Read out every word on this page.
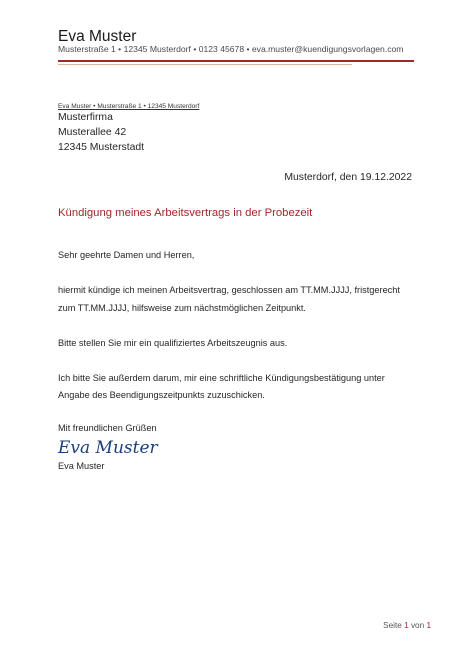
Eva Muster
Musterstraße 1 • 12345 Musterdorf • 0123 45678 • eva.muster@kuendigungsvorlagen.com
Eva Muster • Musterstraße 1 • 12345 Musterdorf
Musterfirma
Musterallee 42
12345 Musterstadt
Musterdorf, den 19.12.2022
Kündigung meines Arbeitsvertrags in der Probezeit
Sehr geehrte Damen und Herren,
hiermit kündige ich meinen Arbeitsvertrag, geschlossen am TT.MM.JJJJ, fristgerecht
zum TT.MM.JJJJ, hilfsweise zum nächstmöglichen Zeitpunkt.
Bitte stellen Sie mir ein qualifiziertes Arbeitszeugnis aus.
Ich bitte Sie außerdem darum, mir eine schriftliche Kündigungsbestätigung unter
Angabe des Beendigungszeitpunkts zuzuschicken.
Mit freundlichen Grüßen
Eva Muster
Eva Muster
Seite 1 von 1
